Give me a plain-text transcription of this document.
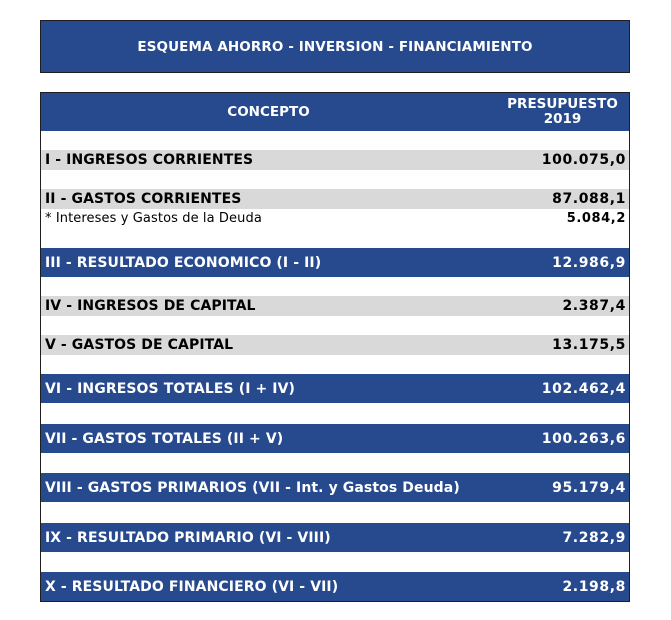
ESQUEMA AHORRO - INVERSION - FINANCIAMIENTO
CONCEPTO	PRESUPUESTO
2019
I - INGRESOS CORRIENTES	100.075,0
II - GASTOS CORRIENTES	87.088,1
* Intereses y Gastos de la Deuda	5.084,2
III - RESULTADO ECONOMICO (I - II)	12.986,9
IV - INGRESOS DE CAPITAL	2.387,4
V - GASTOS DE CAPITAL	13.175,5
VI - INGRESOS TOTALES (I + IV)	102.462,4
VII - GASTOS TOTALES (II + V)	100.263,6
VIII - GASTOS PRIMARIOS (VII - Int. y Gastos Deuda)	95.179,4
IX - RESULTADO PRIMARIO (VI - VIII)	7.282,9
X - RESULTADO FINANCIERO (VI - VII)	2.198,8
